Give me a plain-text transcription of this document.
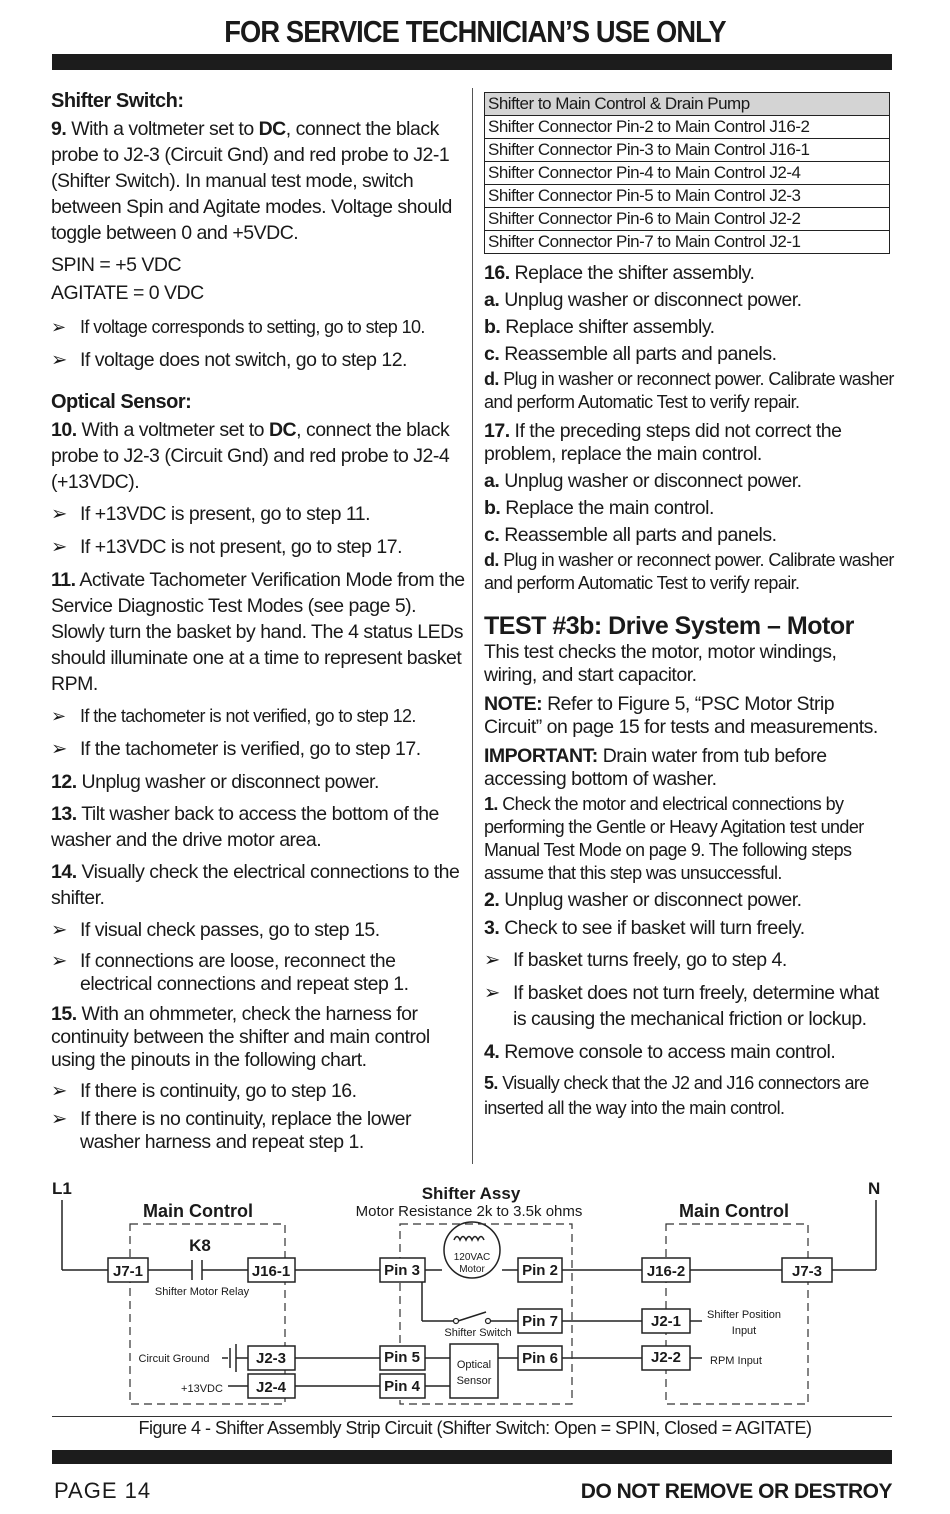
FOR SERVICE TECHNICIAN’S USE ONLY
Shifter Switch:
9. With a voltmeter set to DC, connect the black probe to J2-3 (Circuit Gnd) and red probe to J2-1 (Shifter Switch). In manual test mode, switch between Spin and Agitate modes. Voltage should toggle between 0 and +5VDC.
SPIN = +5 VDC
AGITATE = 0 VDC
➢ If voltage corresponds to setting, go to step 10.
➢ If voltage does not switch, go to step 12.
Optical Sensor:
10. With a voltmeter set to DC, connect the black probe to J2-3 (Circuit Gnd) and red probe to J2-4 (+13VDC).
➢ If +13VDC is present, go to step 11.
➢ If +13VDC is not present, go to step 17.
11. Activate Tachometer Verification Mode from the Service Diagnostic Test Modes (see page 5). Slowly turn the basket by hand. The 4 status LEDs should illuminate one at a time to represent basket RPM.
➢ If the tachometer is not verified, go to step 12.
➢ If the tachometer is verified, go to step 17.
12. Unplug washer or disconnect power.
13. Tilt washer back to access the bottom of the washer and the drive motor area.
14. Visually check the electrical connections to the shifter.
➢ If visual check passes, go to step 15.
➢ If connections are loose, reconnect the electrical connections and repeat step 1.
15. With an ohmmeter, check the harness for continuity between the shifter and main control using the pinouts in the following chart.
➢ If there is continuity, go to step 16.
➢ If there is no continuity, replace the lower washer harness and repeat step 1.
Shifter to Main Control & Drain Pump
Shifter Connector Pin-2 to Main Control J16-2
Shifter Connector Pin-3 to Main Control J16-1
Shifter Connector Pin-4 to Main Control J2-4
Shifter Connector Pin-5 to Main Control J2-3
Shifter Connector Pin-6 to Main Control J2-2
Shifter Connector Pin-7 to Main Control J2-1
16. Replace the shifter assembly.
a. Unplug washer or disconnect power.
b. Replace shifter assembly.
c. Reassemble all parts and panels.
d. Plug in washer or reconnect power. Calibrate washer and perform Automatic Test to verify repair.
17. If the preceding steps did not correct the problem, replace the main control.
a. Unplug washer or disconnect power.
b. Replace the main control.
c. Reassemble all parts and panels.
d. Plug in washer or reconnect power. Calibrate washer and perform Automatic Test to verify repair.
TEST #3b: Drive System – Motor
This test checks the motor, motor windings, wiring, and start capacitor.
NOTE: Refer to Figure 5, “PSC Motor Strip Circuit” on page 15 for tests and measurements.
IMPORTANT: Drain water from tub before accessing bottom of washer.
1. Check the motor and electrical connections by performing the Gentle or Heavy Agitation test under Manual Test Mode on page 9. The following steps assume that this step was unsuccessful.
2. Unplug washer or disconnect power.
3. Check to see if basket will turn freely.
➢ If basket turns freely, go to step 4.
➢ If basket does not turn freely, determine what is causing the mechanical friction or lockup.
4. Remove console to access main control.
5. Visually check that the J2 and J16 connectors are inserted all the way into the main control.
L1	N
Shifter Assy
Motor Resistance 2k to 3.5k ohms
Main Control	Main Control
K8
J7-1	J16-1
Shifter Motor Relay
Pin 3	Pin 2
120VAC
Motor	J16-2	J7-3
Pin 7
Shifter Switch
J2-1 Shifter Position
Input
Circuit Ground	J2-3	Pin 5	Optical
Sensor
Pin 6	J2-2	RPM Input
+13VDC J2-4	Pin 4
Figure 4 - Shifter Assembly Strip Circuit (Shifter Switch: Open = SPIN, Closed = AGITATE)
PAGE 14	DO NOT REMOVE OR DESTROY
